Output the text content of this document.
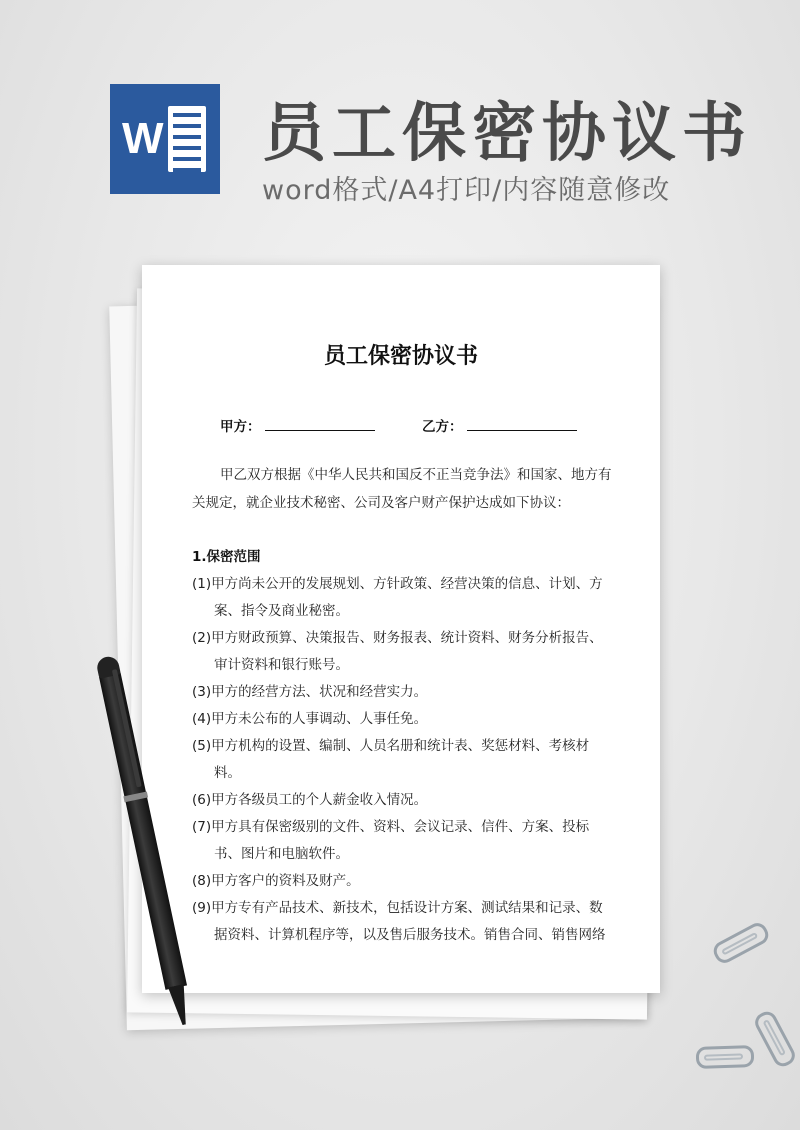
W 员工保密协议书
word格式/A4打印/内容随意修改
员工保密协议书
甲方：	乙方：
甲乙双方根据《中华人民共和国反不正当竞争法》和国家、地方有关规定，就企业技术秘密、公司及客户财产保护达成如下协议：
1.保密范围
(1)甲方尚未公开的发展规划、方针政策、经营决策的信息、计划、方案、指令及商业秘密。
(2)甲方财政预算、决策报告、财务报表、统计资料、财务分析报告、审计资料和银行账号。
(3)甲方的经营方法、状况和经营实力。
(4)甲方未公布的人事调动、人事任免。
(5)甲方机构的设置、编制、人员名册和统计表、奖惩材料、考核材料。
(6)甲方各级员工的个人薪金收入情况。
(7)甲方具有保密级别的文件、资料、会议记录、信件、方案、投标书、图片和电脑软件。
(8)甲方客户的资料及财产。
(9)甲方专有产品技术、新技术，包括设计方案、测试结果和记录、数据资料、计算机程序等，以及售后服务技术。销售合同、销售网络
